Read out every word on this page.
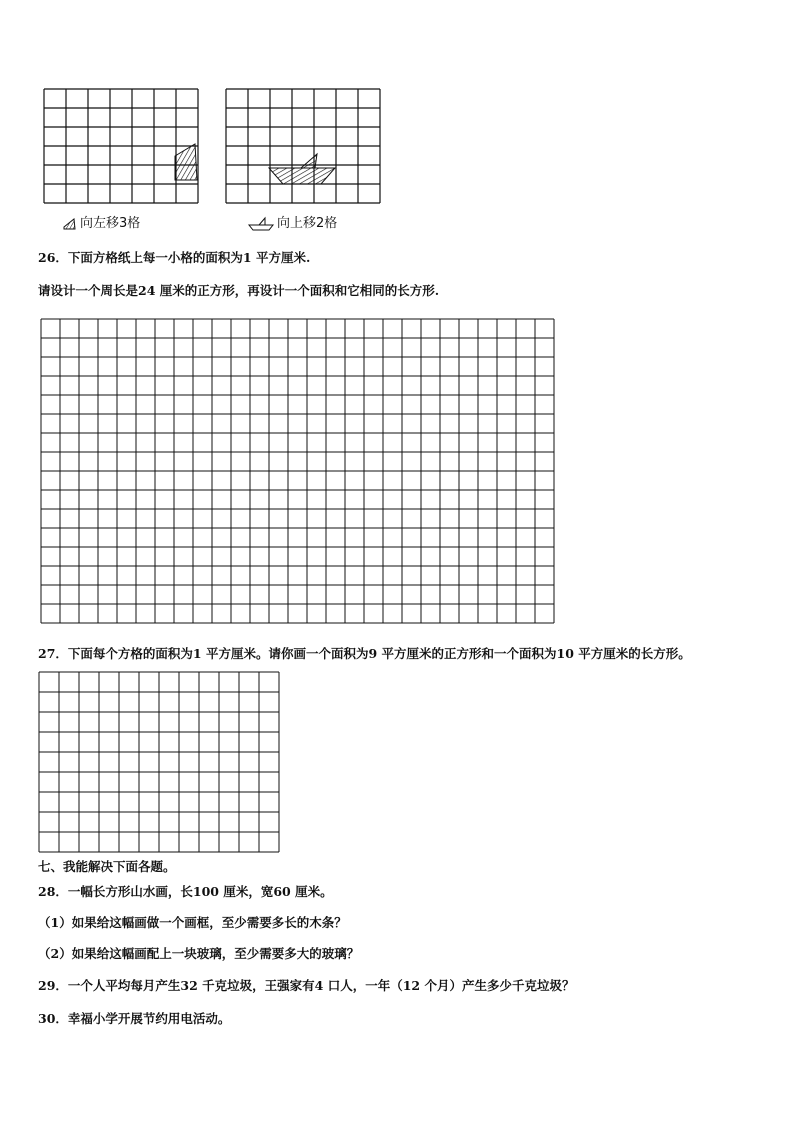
向左移3格	向上移2格
26．下面方格纸上每一小格的面积为1 平方厘米.
请设计一个周长是24 厘米的正方形，再设计一个面积和它相同的长方形.
27．下面每个方格的面积为1 平方厘米。请你画一个面积为9 平方厘米的正方形和一个面积为10 平方厘米的长方形。
七、我能解决下面各题。
28．一幅长方形山水画，长100 厘米，宽60 厘米。
（1）如果给这幅画做一个画框，至少需要多长的木条？
（2）如果给这幅画配上一块玻璃，至少需要多大的玻璃？
29．一个人平均每月产生32 千克垃圾，王强家有4 口人，一年（12 个月）产生多少千克垃圾？
30．幸福小学开展节约用电活动。
